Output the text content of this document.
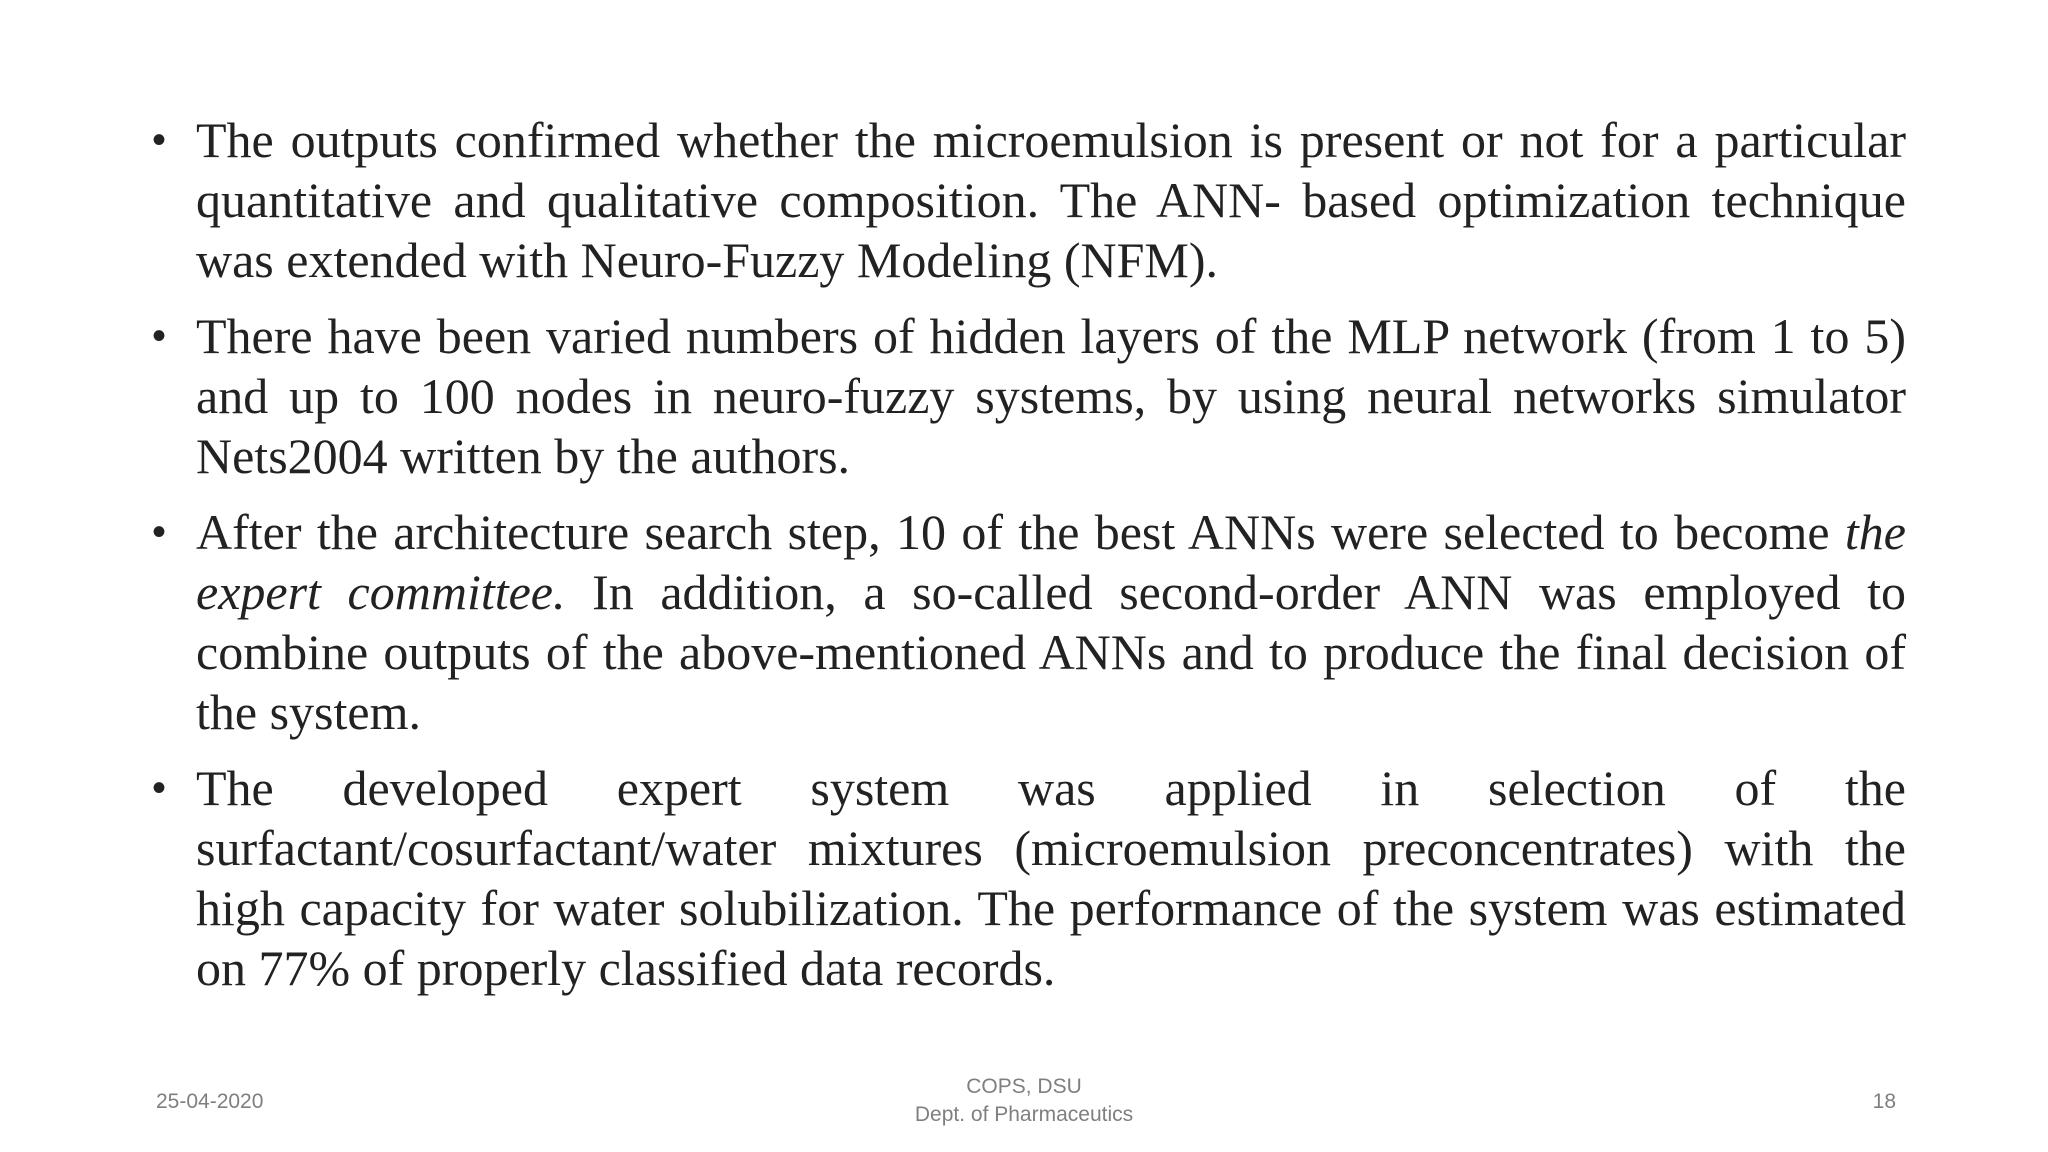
• The outputs confirmed whether the microemulsion is present or not for a particular quantitative and qualitative composition. The ANN- based optimization technique was extended with Neuro-Fuzzy Modeling (NFM).
• There have been varied numbers of hidden layers of the MLP network (from 1 to 5) and up to 100 nodes in neuro-fuzzy systems, by using neural networks simulator Nets2004 written by the authors.
• After the architecture search step, 10 of the best ANNs were selected to become the expert committee. In addition, a so-called second-order ANN was employed to combine outputs of the above-mentioned ANNs and to produce the final decision of the system.
• The developed expert system was applied in selection of the surfactant/cosurfactant/water mixtures (microemulsion preconcentrates) with the high capacity for water solubilization. The performance of the system was estimated on 77% of properly classified data records.
25-04-2020
COPS, DSU
Dept. of Pharmaceutics
18
